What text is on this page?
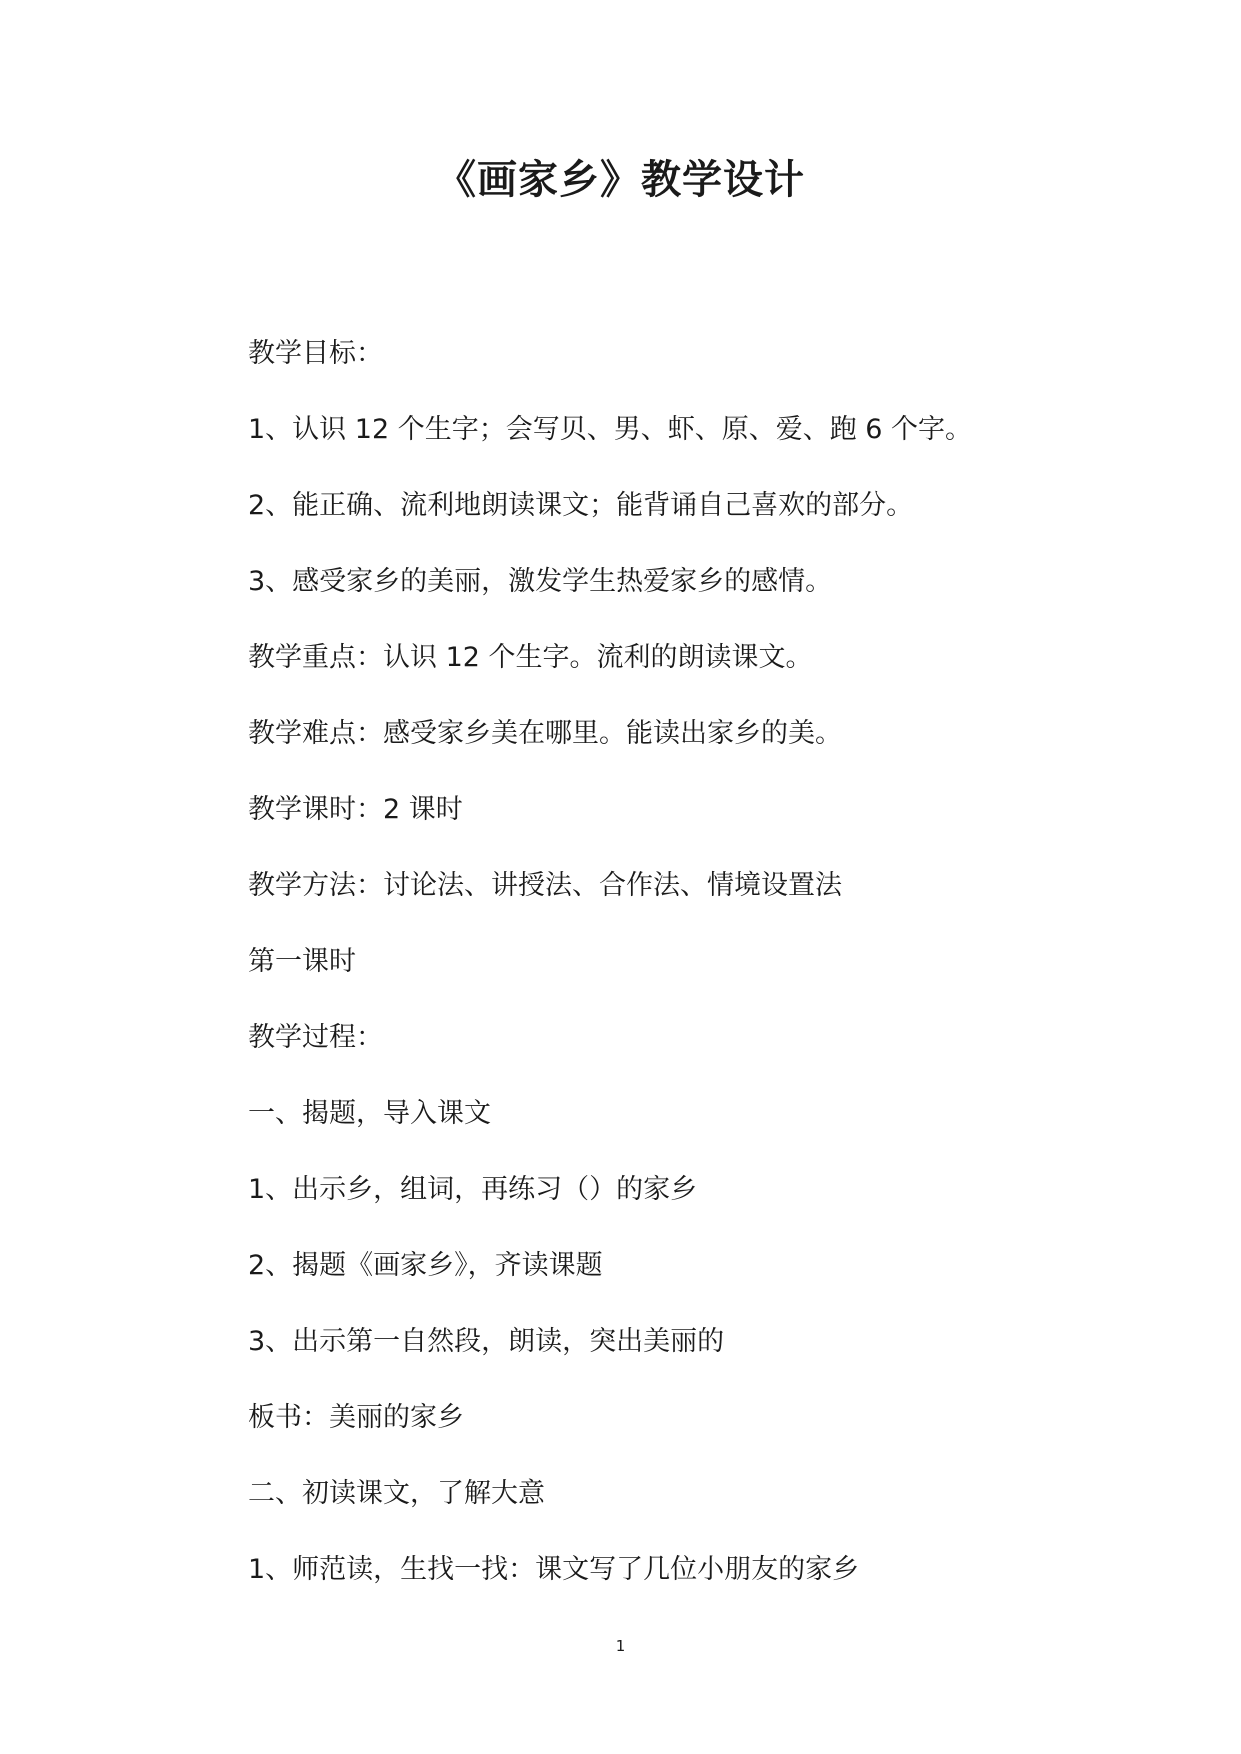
《画家乡》教学设计
教学目标：
1、认识 12 个生字；会写贝、男、虾、原、爱、跑 6 个字。
2、能正确、流利地朗读课文；能背诵自己喜欢的部分。
3、感受家乡的美丽，激发学生热爱家乡的感情。
教学重点：认识 12 个生字。流利的朗读课文。
教学难点：感受家乡美在哪里。能读出家乡的美。
教学课时：2 课时
教学方法：讨论法、讲授法、合作法、情境设置法
第一课时
教学过程：
一、揭题，导入课文
1、出示乡，组词，再练习（）的家乡
2、揭题《画家乡》，齐读课题
3、出示第一自然段，朗读，突出美丽的
板书：美丽的家乡
二、初读课文，了解大意
1、师范读，生找一找：课文写了几位小朋友的家乡
1
